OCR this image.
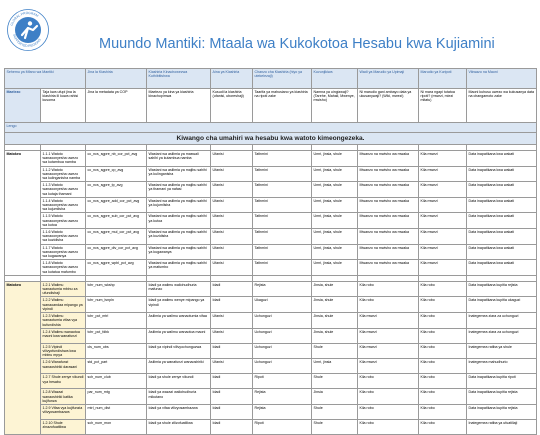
GLOBAL PROGRAM
SUPPORTED REGIONS	Muundo Mantiki: Mtaala wa Kukokotoa Hesabu kwa Kujiamini
Sehemu ya Mfano wa Mantiki		Jina la Kiashiria	Kiashiria Kinachowezwa Kuthibitishwa	Aina ya Kiashiria	Chanzo cha Kiashiria (hiyo ya utekelezaji)	Kuvunjikiwa	Wadi ya Marudio ya Upimaji	Marudio ya Kuripoti	Vikwazo na Maoni
Maelezo	Taja kwa ufupi jina la kiashiria ili kuwa rahisi kusoma	Jina la metadata ya COP	Maelezo ya kina ya kiashiria kinachopimwa	Kusudi la kiashiria (ufanisi, uboreshaji)	Taarifa ya mahusiano ya kiashiria na ripoti zake	Namna ya uingizwaji? (Tarehe, Mahali, Mwenye, mwisho)	Ni marudio gani ambayo data ya ukusanywaji? (Wiki, mwezi)	Ni mara ngapi tutatoa ripoti? (mwezi, miezi mitatu)	Maoni kuhusu uwezo wa kukusanya data na changamoto zake
Lengo									
Kiwango cha umahiri wa hesabu kwa watoto kimeongezeka.									

Matokeo	1.1.1 Watoto wanaoonyesha uwezo wa kutambua namba	cc_ncs_sgpre_nb_cor_pct_avg	Wastani wa asilimia ya maswali sahihi ya kutambua namba	Ufanisi	Tathmini	Umri, jinsia, shule	Mwanzo na mwisho wa mwaka	Kila mwezi	Data inapatikana kwa wakati
	1.1.2 Watoto wanaoonyesha uwezo wa kulinganisha namba	cc_ncs_sgpre_cp_avg	Wastani wa asilimia ya majibu sahihi ya kulinganisha	Ufanisi	Tathmini	Umri, jinsia, shule	Mwanzo na mwisho wa mwaka	Kila mwezi	Data inapatikana kwa wakati
	1.1.3 Watoto wanaoonyesha uwezo wa kutaja thamani	cc_ncs_sgpre_tp_avg	Wastani wa asilimia ya majibu sahihi ya thamani ya nafasi	Ufanisi	Tathmini	Umri, jinsia, shule	Mwanzo na mwisho wa mwaka	Kila mwezi	Data inapatikana kwa wakati
	1.1.4 Watoto wanaoonyesha uwezo wa kujumlisha	cc_ncs_sgpre_add_cor_pct_avg	Wastani wa asilimia ya majibu sahihi ya kujumlisha	Ufanisi	Tathmini	Umri, jinsia, shule	Mwanzo na mwisho wa mwaka	Kila mwezi	Data inapatikana kwa wakati
	1.1.5 Watoto wanaoonyesha uwezo wa kutoa	cc_ncs_sgpre_sub_cor_pct_avg	Wastani wa asilimia ya majibu sahihi ya kutoa	Ufanisi	Tathmini	Umri, jinsia, shule	Mwanzo na mwisho wa mwaka	Kila mwezi	Data inapatikana kwa wakati
	1.1.6 Watoto wanaoonyesha uwezo wa kuzidisha	cc_ncs_sgpre_mul_cor_pct_avg	Wastani wa asilimia ya majibu sahihi ya kuzidisha	Ufanisi	Tathmini	Umri, jinsia, shule	Mwanzo na mwisho wa mwaka	Kila mwezi	Data inapatikana kwa wakati
	1.1.7 Watoto wanaoonyesha uwezo wa kugawanya	cc_ncs_sgpre_div_cor_pct_avg	Wastani wa asilimia ya majibu sahihi ya kugawanya	Ufanisi	Tathmini	Umri, jinsia, shule	Mwanzo na mwisho wa mwaka	Kila mwezi	Data inapatikana kwa wakati
	1.1.8 Watoto wanaoonyesha uwezo wa kutatua mafumbo	cc_ncs_sgpre_wpbl_pct_avg	Wastani wa asilimia ya majibu sahihi ya mafumbo	Ufanisi	Tathmini	Umri, jinsia, shule	Mwanzo na mwisho wa mwaka	Kila mwezi	Data inapatikana kwa wakati

Matokeo	1.2.1 Walimu wanaotumia mbinu za ufundishaji	tchr_num_wkshp	Idadi ya walimu waliohudhuria mafunzo	Idadi	Rejista	Jinsia, shule	Kila robo	Kila robo	Data inapatikana kupitia rejista
	1.2.2 Walimu wanaoandaa mipango ya vipindi	tchr_num_lsnpln	Idadi ya walimu wenye mipango ya vipindi	Idadi	Ukaguzi	Jinsia, shule	Kila robo	Kila robo	Data inapatikana kupitia ukaguzi
	1.2.3 Walimu wanaotumia vifaa vya kufundishia	tchr_pct_mtrl	Asilimia ya walimu wanaotumia vifaa	Ufanisi	Uchunguzi	Jinsia, shule	Kila mwezi	Kila robo	Inategemea ziara za uchunguzi
	1.2.4 Walimu wanaotoa maoni kwa wanafunzi	tchr_pct_fdbk	Asilimia ya walimu wanaotoa maoni	Ufanisi	Uchunguzi	Jinsia, shule	Kila mwezi	Kila robo	Inategemea ziara za uchunguzi
	1.2.5 Vipindi vilivyofundishwa kwa mbinu mpya	cls_num_obs	Idadi ya vipindi vilivyochunguzwa	Idadi	Uchunguzi	Shule	Kila mwezi	Kila robo	Inategemea ratiba ya shule
	1.2.6 Wanafunzi wanaoshiriki darasani	std_pct_part	Asilimia ya wanafunzi wanaoshiriki	Ufanisi	Uchunguzi	Umri, jinsia	Kila mwezi	Kila robo	Inategemea mahudhurio
	1.2.7 Shule zenye vikundi vya hesabu	sch_num_club	Idadi ya shule zenye vikundi	Idadi	Ripoti	Shule	Kila robo	Kila robo	Data inapatikana kupitia ripoti
	1.2.8 Wazazi wanaoshiriki katika kujifunza	par_num_mtg	Idadi ya wazazi waliohudhuria mikutano	Idadi	Rejista	Jinsia	Kila robo	Kila robo	Data inapatikana kupitia rejista
	1.2.9 Vifaa vya kujifunzia vilivyosambazwa	mtrl_num_dist	Idadi ya vifaa vilivyosambazwa	Idadi	Rejista	Shule	Kila robo	Kila robo	Data inapatikana kupitia rejista
	1.2.10 Shule zinazofuatiliwa	sch_num_mon	Idadi ya shule zilizofuatiliwa	Idadi	Ripoti	Shule	Kila robo	Kila robo	Inategemea ratiba ya ufuatiliaji
